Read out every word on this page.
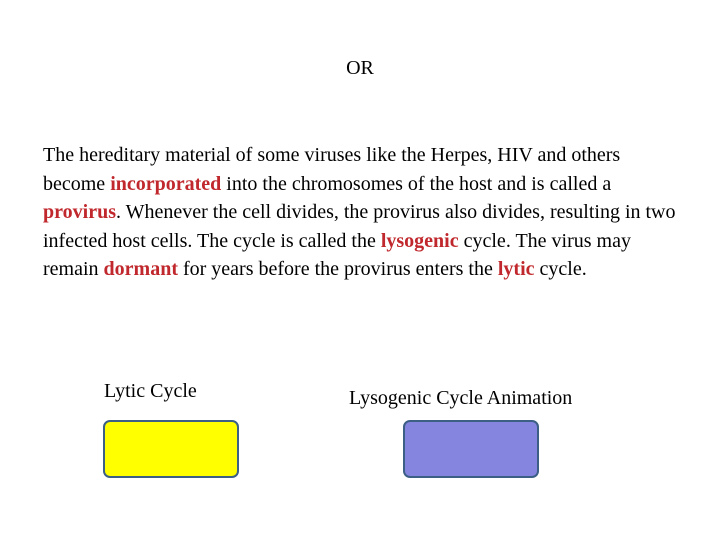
OR

The hereditary material of some viruses like the Herpes, HIV and others become incorporated into the chromosomes of the host and is called a provirus. Whenever the cell divides, the provirus also divides, resulting in two infected host cells. The cycle is called the lysogenic cycle. The virus may remain dormant for years before the provirus enters the lytic cycle.

Lytic Cycle	Lysogenic Cycle Animation
